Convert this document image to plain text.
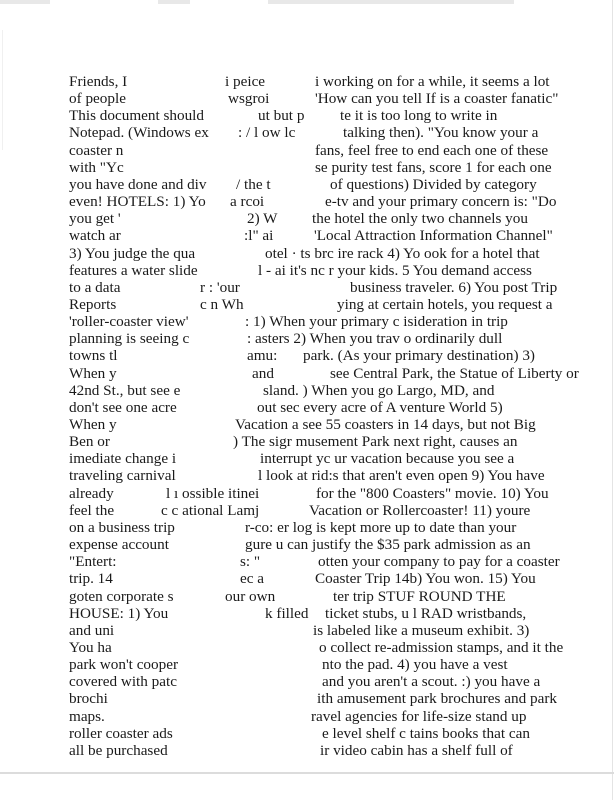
Friends, I	i peice	i working on for a while, it seems a lot
of people	wsgroi	'How can you tell If is a coaster fanatic"
This document should	ut but p te it is too long to write in
Notepad. (Windows ex : / l ow lc	talking then). "You know your a
coaster n	fans, feel free to end each one of these
with "Yc	se purity test fans, score 1 for each one
you have done and div / the t	of questions) Divided by category
even! HOTELS: 1) Yo a rcoi	e-tv and your primary concern is: "Do
you get '	2) W the hotel the only two channels you
watch ar	:l" ai	'Local Attraction Information Channel"
3) You judge the qua	otel · ts brc ire rack 4) Yo ook for a hotel that
features a water slide	l - ai it's nc r your kids. 5 You demand access
to a data	r : 'our	business traveler. 6) You post Trip
Reports	c n Wh	ying at certain hotels, you request a
'roller-coaster view'	: 1) When your primary c isideration in trip
planning is seeing c	: asters 2) When you trav o ordinarily dull
towns tl	amu: park. (As your primary destination) 3)
When y	and	see Central Park, the Statue of Liberty or
42nd St., but see e	sland. ) When you go Largo, MD, and
don't see one acre	out sec every acre of A venture World 5)
When y	Vacation a see 55 coasters in 14 days, but not Big
Ben or	) The sigr musement Park next right, causes an
imediate change i	interrupt yc ur vacation because you see a
traveling carnival	l look at rid:s that aren't even open 9) You have
already	l ı ossible itinei	for the "800 Coasters" movie. 10) You
feel the	c c ational Lamj	Vacation or Rollercoaster! 11) youre
on a business trip	r-co: er log is kept more up to date than your
expense account	gure u can justify the $35 park admission as an
"Entert:	s: "	otten your company to pay for a coaster
trip. 14	ec a	Coaster Trip 14b) You won. 15) You
goten corporate s	our own	ter trip STUF ROUND THE
HOUSE: 1) You	k filled ticket stubs, u l RAD wristbands,
and uni	is labeled like a museum exhibit. 3)
You ha	o collect re-admission stamps, and it the
park won't cooper	nto the pad. 4) you have a vest
covered with patc	and you aren't a scout. :) you have a
brochi	ith amusement park brochures and park
maps.	ravel agencies for life-size stand up
roller coaster ads	e level shelf c tains books that can
all be purchased	ir video cabin has a shelf full of
